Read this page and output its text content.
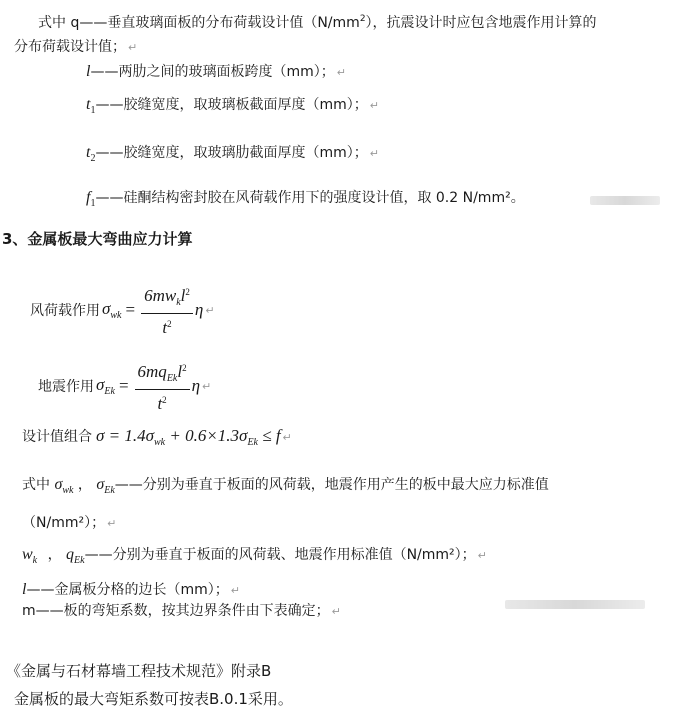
式中 q——垂直玻璃面板的分布荷载设计值$(N/mm^2)$，抗震设计时应包含地震作用计算的
分布荷载设计值； ↵
l——两肋之间的玻璃面板跨度（mm）； ↵
$t_1——$胶缝宽度，取玻璃板截面厚度（mm）； ↵
$t_2——$胶缝宽度，取玻璃肋截面厚度（mm）； ↵
$f_1——$硅酮结构密封胶在风荷载作用下的强度设计值，取 0.2 N/mm²。
3、金属板最大弯曲应力计算
风荷载作用 $\sigma_{wk} = \frac{6mw_kl^2}{t^2}$ η ↵
地震作用 $\sigma_{Ek} = \frac{6mq_{Ek}l^2}{t^2}$ η ↵
设计值组合 $\sigma = 1.4\sigma_{wk} + 0.6\times 1.3\sigma_{Ek} \le f$ ↵
式中 $\sigma_{wk}$ ， $\sigma_{Ek}——$分别为垂直于板面的风荷载，地震作用产生的板中最大应力标准值
（N/mm²）； ↵
$w_k$ ， $q_{Ek}——$分别为垂直于板面的风荷载、地震作用标准值（N/mm²）； ↵
l——金属板分格的边长（mm）； ↵
m——板的弯矩系数，按其边界条件由下表确定； ↵
《金属与石材幕墙工程技术规范》附录B
金属板的最大弯矩系数可按表B.0.1采用。
